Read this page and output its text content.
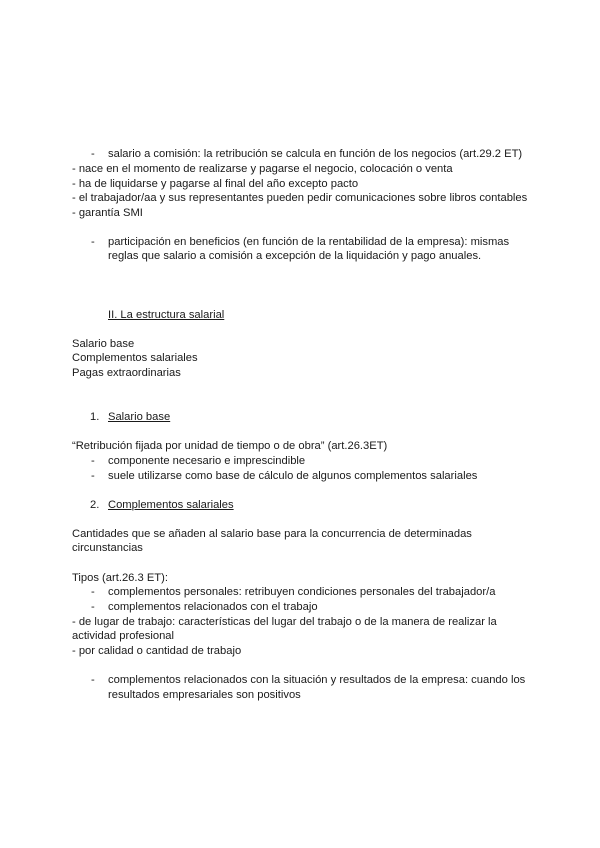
- salario a comisión: la retribución se calcula en función de los negocios (art.29.2 ET)
- nace en el momento de realizarse y pagarse el negocio, colocación o venta
- ha de liquidarse y pagarse al final del año excepto pacto
- el trabajador/aa y sus representantes pueden pedir comunicaciones sobre libros contables
- garantía SMI
- participación en beneficios (en función de la rentabilidad de la empresa): mismas
reglas que salario a comisión a excepción de la liquidación y pago anuales.
II. La estructura salarial
Salario base
Complementos salariales
Pagas extraordinarias
1. Salario base
“Retribución fijada por unidad de tiempo o de obra” (art.26.3ET)
- componente necesario e imprescindible
- suele utilizarse como base de cálculo de algunos complementos salariales
2. Complementos salariales
Cantidades que se añaden al salario base para la concurrencia de determinadas
circunstancias
Tipos (art.26.3 ET):
- complementos personales: retribuyen condiciones personales del trabajador/a
- complementos relacionados con el trabajo
- de lugar de trabajo: características del lugar del trabajo o de la manera de realizar la
actividad profesional
- por calidad o cantidad de trabajo
- complementos relacionados con la situación y resultados de la empresa: cuando los
resultados empresariales son positivos
